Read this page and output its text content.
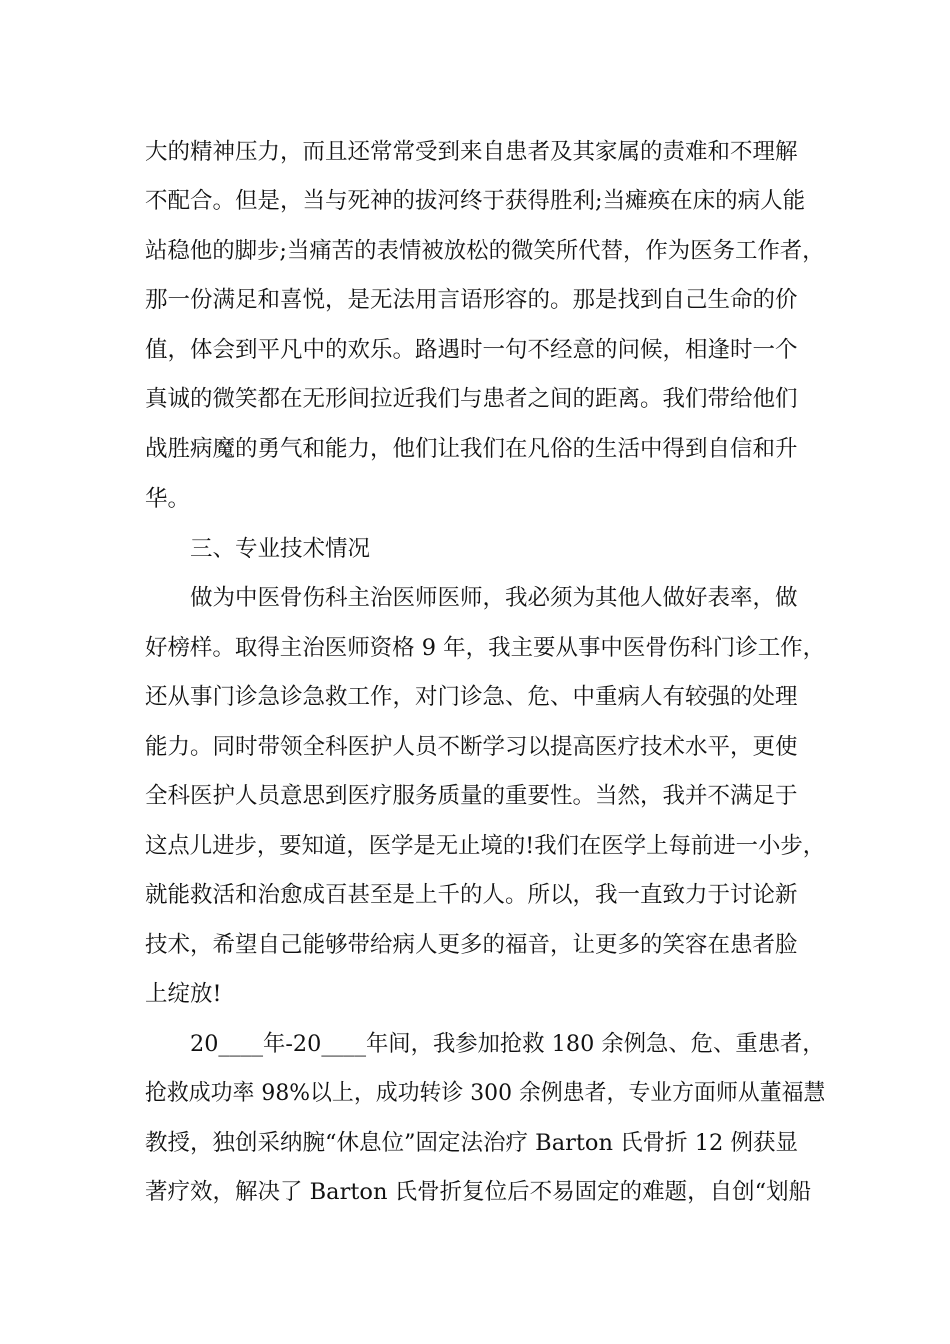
大的精神压力，而且还常常受到来自患者及其家属的责难和不理解
不配合。但是，当与死神的拔河终于获得胜利;当瘫痪在床的病人能
站稳他的脚步;当痛苦的表情被放松的微笑所代替，作为医务工作者，
那一份满足和喜悦，是无法用言语形容的。那是找到自己生命的价
值，体会到平凡中的欢乐。路遇时一句不经意的问候，相逢时一个
真诚的微笑都在无形间拉近我们与患者之间的距离。我们带给他们
战胜病魔的勇气和能力，他们让我们在凡俗的生活中得到自信和升
华。
三、专业技术情况
做为中医骨伤科主治医师医师，我必须为其他人做好表率，做
好榜样。取得主治医师资格 9 年，我主要从事中医骨伤科门诊工作，
还从事门诊急诊急救工作，对门诊急、危、中重病人有较强的处理
能力。同时带领全科医护人员不断学习以提高医疗技术水平，更使
全科医护人员意思到医疗服务质量的重要性。当然，我并不满足于
这点儿进步，要知道，医学是无止境的!我们在医学上每前进一小步，
就能救活和治愈成百甚至是上千的人。所以，我一直致力于讨论新
技术，希望自己能够带给病人更多的福音，让更多的笑容在患者脸
上绽放!
20____年-20____年间，我参加抢救 180 余例急、危、重患者，
抢救成功率 98%以上，成功转诊 300 余例患者，专业方面师从董福慧
教授，独创采纳腕“休息位”固定法治疗 Barton 氏骨折 12 例获显
著疗效，解决了 Barton 氏骨折复位后不易固定的难题，自创“划船
